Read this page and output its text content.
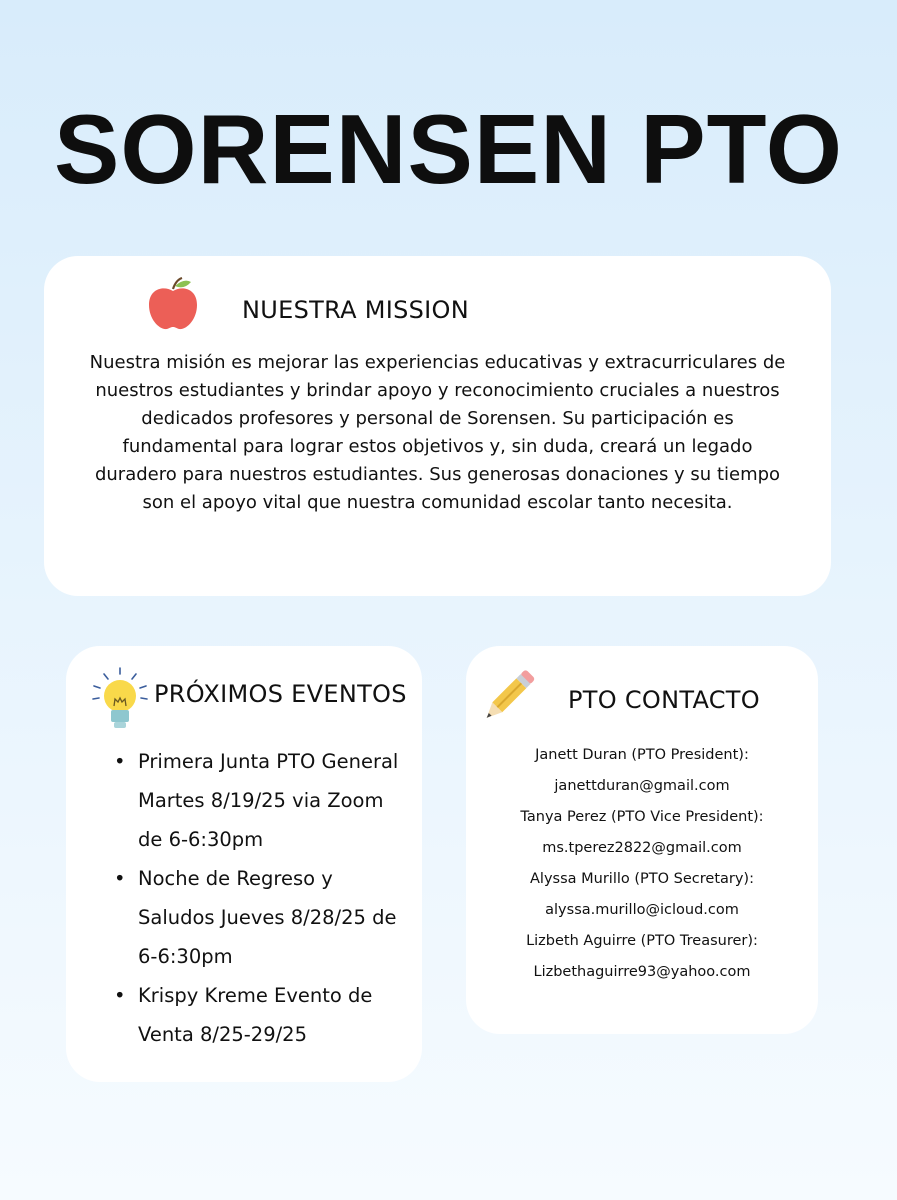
SORENSEN PTO
NUESTRA MISSION

Nuestra misión es mejorar las experiencias educativas y extracurriculares de nuestros estudiantes y brindar apoyo y reconocimiento cruciales a nuestros dedicados profesores y personal de Sorensen. Su participación es fundamental para lograr estos objetivos y, sin duda, creará un legado duradero para nuestros estudiantes. Sus generosas donaciones y su tiempo son el apoyo vital que nuestra comunidad escolar tanto necesita.

PRÓXIMOS EVENTOS
• Primera Junta PTO General Martes 8/19/25 via Zoom de 6-6:30pm
• Noche de Regreso y Saludos Jueves 8/28/25 de 6-6:30pm
• Krispy Kreme Evento de Venta 8/25-29/25
PTO CONTACTO
Janett Duran (PTO President):
janettduran@gmail.com
Tanya Perez (PTO Vice President):
ms.tperez2822@gmail.com
Alyssa Murillo (PTO Secretary):
alyssa.murillo@icloud.com
Lizbeth Aguirre (PTO Treasurer):
Lizbethaguirre93@yahoo.com
